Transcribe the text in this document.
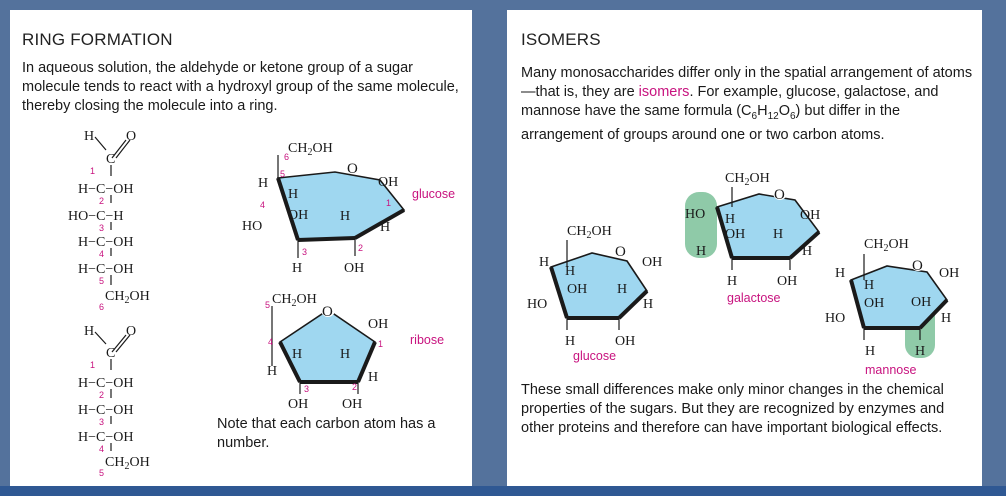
RING FORMATION
In aqueous solution, the aldehyde or ketone group of a sugar molecule tends to react with a hydroxyl group of the same molecule, thereby closing the molecule into a ring.
H O
C
1
H−C−OH
2
HO−C−H
3
H−C−OH
4
H−C−OH
5
$CH_2OH$
6
H O
C
1
H−C−OH
2
H−C−OH
3
H−C−OH
4
$CH_2OH$
5
O
$CH_2OH$
6
5
H
H
OH
1
H
4
HO
OH H
3	2
H	OH
glucose
O
$CH_2OH$
5
4
H
H	H
OH
1
H
3	2
OH OH
ribose
Note that each carbon atom has a number.
ISOMERS
Many monosaccharides differ only in the spatial arrangement of atoms—that is, they are isomers. For example, glucose, galactose, and mannose have the same formula $(C_6H_{12}O_6)$ but differ in the arrangement of groups around one or two carbon atoms.
O
$CH_2OH$
H
H
OH
OH H
H
HO
H	OH
glucose
O
$CH_2OH$
HO H	OH
OH H
H
H
H	OH
galactose
O
$CH_2OH$
H
H
OH
OH OH
H
HO
H	H
mannose
These small differences make only minor changes in the chemical properties of the sugars. But they are recognized by enzymes and other proteins and therefore can have important biological effects.
